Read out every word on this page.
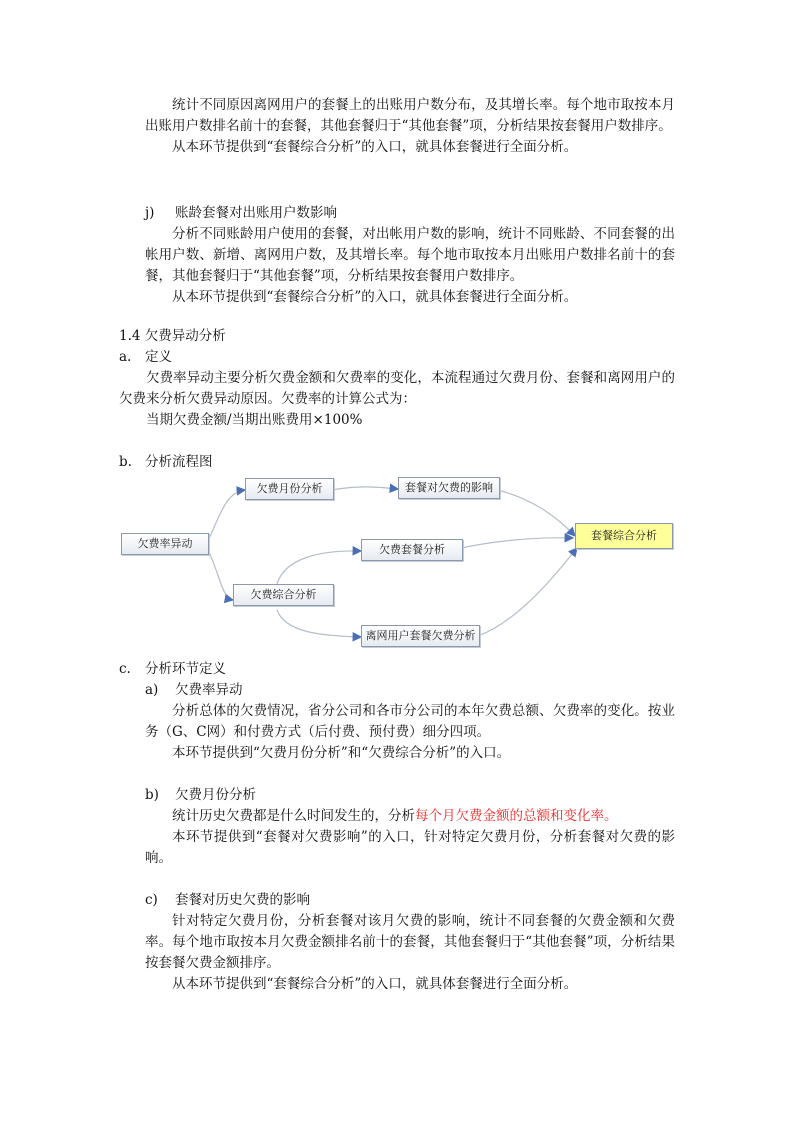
统计不同原因离网用户的套餐上的出账用户数分布，及其增长率。每个地市取按本月出账用户数排名前十的套餐，其他套餐归于“其他套餐”项，分析结果按套餐用户数排序。

从本环节提供到“套餐综合分析”的入口，就具体套餐进行全面分析。

j) 账龄套餐对出账用户数影响

分析不同账龄用户使用的套餐，对出帐用户数的影响，统计不同账龄、不同套餐的出帐用户数、新增、离网用户数，及其增长率。每个地市取按本月出账用户数排名前十的套餐，其他套餐归于“其他套餐”项，分析结果按套餐用户数排序。

从本环节提供到“套餐综合分析”的入口，就具体套餐进行全面分析。

1.4 欠费异动分析
a. 定义

欠费率异动主要分析欠费金额和欠费率的变化，本流程通过欠费月份、套餐和离网用户的欠费来分析欠费异动原因。欠费率的计算公式为：

当期欠费金额/当期出账费用×100%

b. 分析流程图
欠费率异动
欠费月份分析
欠费综合分析
套餐对欠费的影响
欠费套餐分析
离网用户套餐欠费分析
套餐综合分析
c. 分析环节定义

a) 欠费率异动

分析总体的欠费情况，省分公司和各市分公司的本年欠费总额、欠费率的变化。按业务（G、C网）和付费方式（后付费、预付费）细分四项。

本环节提供到“欠费月份分析”和“欠费综合分析”的入口。

b) 欠费月份分析

统计历史欠费都是什么时间发生的，分析每个月欠费金额的总额和变化率。

本环节提供到“套餐对欠费影响”的入口，针对特定欠费月份，分析套餐对欠费的影响。

c) 套餐对历史欠费的影响

针对特定欠费月份，分析套餐对该月欠费的影响，统计不同套餐的欠费金额和欠费率。每个地市取按本月欠费金额排名前十的套餐，其他套餐归于“其他套餐”项，分析结果按套餐欠费金额排序。

从本环节提供到“套餐综合分析”的入口，就具体套餐进行全面分析。
